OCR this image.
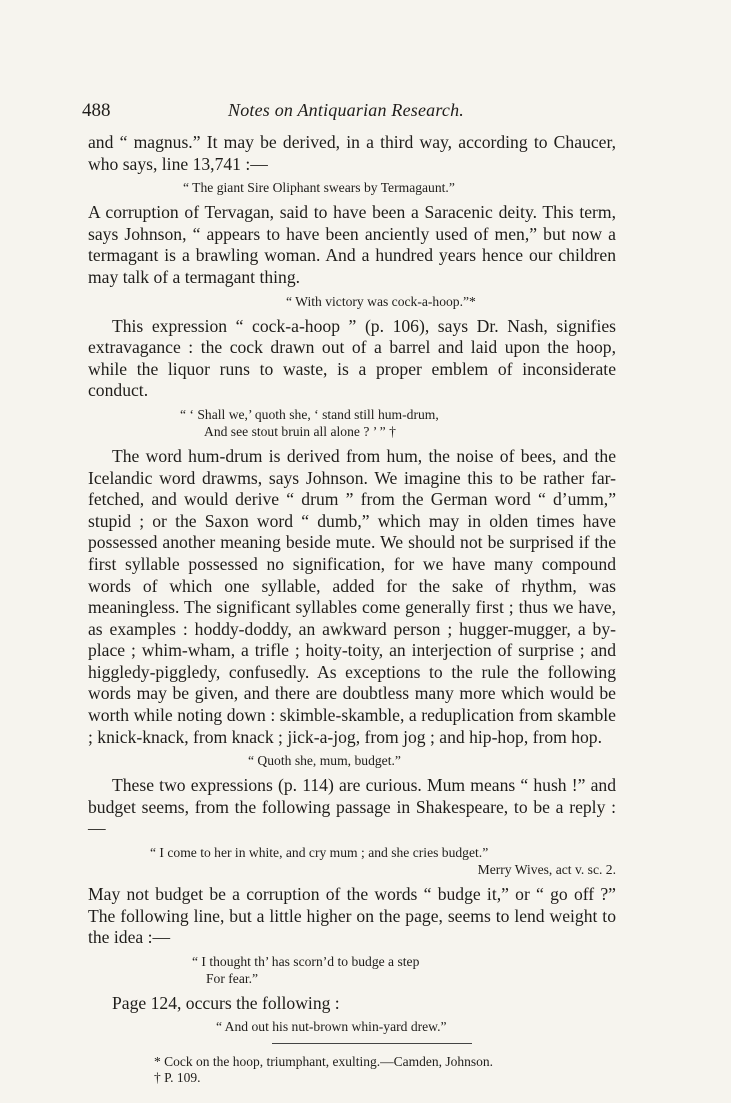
488	Notes on Antiquarian Research.

and “ magnus.” It may be derived, in a third way, according to Chaucer, who says, line 13,741 :—

“ The giant Sire Oliphant swears by Termagaunt.”

A corruption of Tervagan, said to have been a Saracenic deity. This term, says Johnson, “ appears to have been anciently used of men,” but now a termagant is a brawling woman. And a hundred years hence our children may talk of a termagant thing.

“ With victory was cock-a-hoop.”*

This expression “ cock-a-hoop ” (p. 106), says Dr. Nash, signifies extravagance : the cock drawn out of a barrel and laid upon the hoop, while the liquor runs to waste, is a proper emblem of inconsiderate conduct.

“ ‘ Shall we,’ quoth she, ‘ stand still hum-drum,
And see stout bruin all alone ? ’ ” †

The word hum-drum is derived from hum, the noise of bees, and the Icelandic word drawms, says Johnson. We imagine this to be rather far-fetched, and would derive “ drum ” from the German word “ d’umm,” stupid ; or the Saxon word “ dumb,” which may in olden times have possessed another meaning beside mute. We should not be surprised if the first syllable possessed no signification, for we have many compound words of which one syllable, added for the sake of rhythm, was meaningless. The significant syllables come generally first ; thus we have, as examples : hoddy-doddy, an awkward person ; hugger-mugger, a by-place ; whim-wham, a trifle ; hoity-toity, an interjection of surprise ; and higgledy-piggledy, confusedly. As exceptions to the rule the following words may be given, and there are doubtless many more which would be worth while noting down : skimble-skamble, a reduplication from skamble ; knick-knack, from knack ; jick-a-jog, from jog ; and hip-hop, from hop.

“ Quoth she, mum, budget.”

These two expressions (p. 114) are curious. Mum means “ hush !” and budget seems, from the following passage in Shakespeare, to be a reply :—

“ I come to her in white, and cry mum ; and she cries budget.”
Merry Wives, act v. sc. 2.

May not budget be a corruption of the words “ budge it,” or “ go off ?” The following line, but a little higher on the page, seems to lend weight to the idea :—

“ I thought th’ has scorn’d to budge a step
For fear.”

Page 124, occurs the following :

“ And out his nut-brown whin-yard drew.”
* Cock on the hoop, triumphant, exulting.—Camden, Johnson.
† P. 109.
